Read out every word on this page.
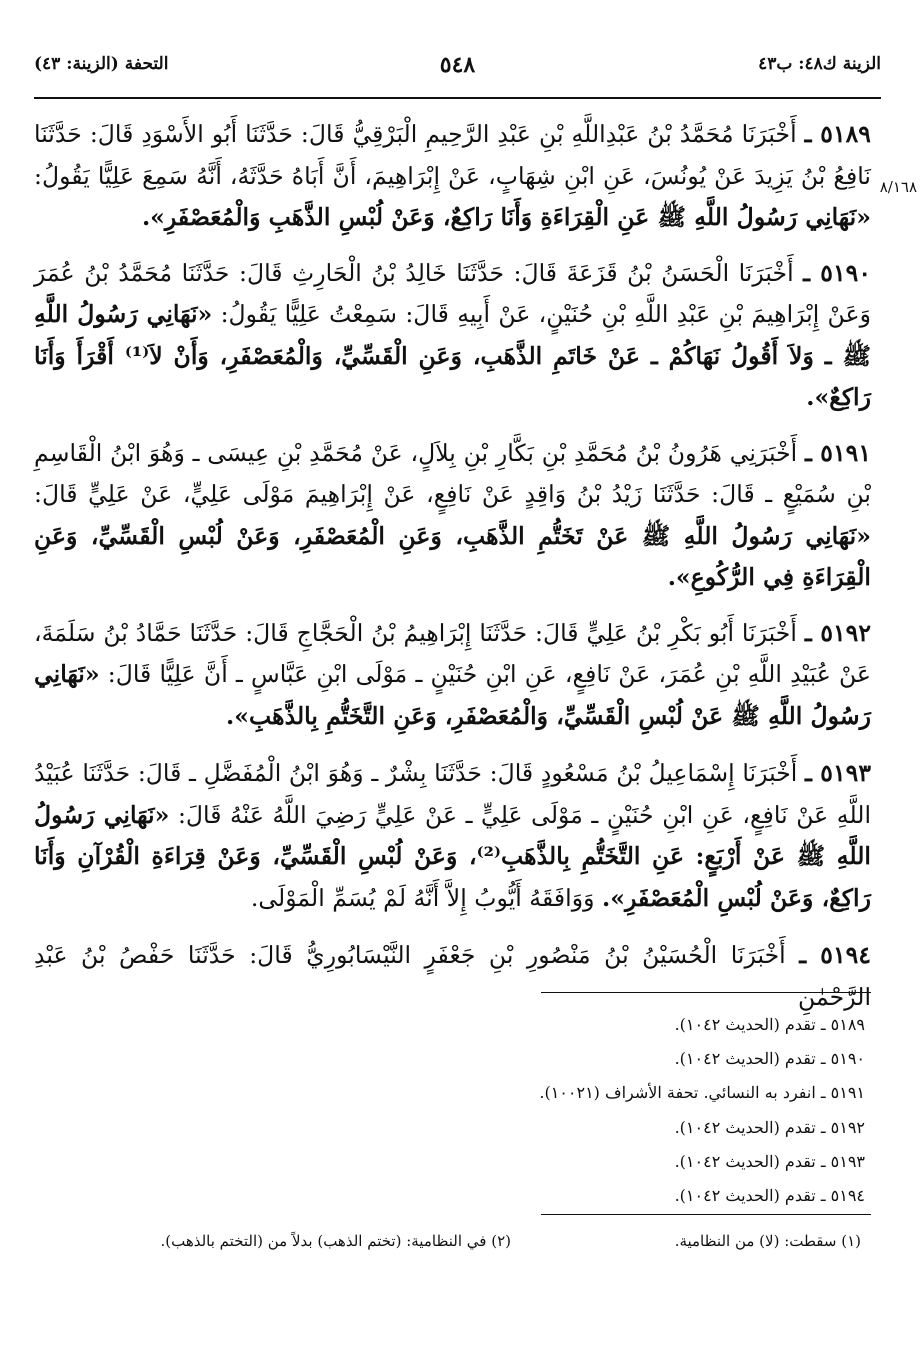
الزينة ك٤٨: ب٤٣
٥٤٨
التحفة (الزينة: ٤٣)
٨/١٦٨

٥١٨٩ ـ أَخْبَرَنَا مُحَمَّدُ بْنُ عَبْدِاللَّهِ بْنِ عَبْدِ الرَّحِيمِ الْبَرْقِيُّ قَالَ: حَدَّثَنَا أَبُو الأَسْوَدِ قَالَ: حَدَّثَنَا نَافِعُ بْنُ يَزِيدَ عَنْ يُونُسَ، عَنِ ابْنِ شِهَابٍ، عَنْ إِبْرَاهِيمَ، أَنَّ أَبَاهُ حَدَّثَهُ، أَنَّهُ سَمِعَ عَلِيًّا يَقُولُ: «نَهَانِي رَسُولُ اللَّهِ ﷺ عَنِ الْقِرَاءَةِ وَأَنَا رَاكِعٌ، وَعَنْ لُبْسِ الذَّهَبِ وَالْمُعَصْفَرِ».

٥١٩٠ ـ أَخْبَرَنَا الْحَسَنُ بْنُ قَزَعَةَ قَالَ: حَدَّثَنَا خَالِدُ بْنُ الْحَارِثِ قَالَ: حَدَّثَنَا مُحَمَّدُ بْنُ عُمَرَ وَعَنْ إِبْرَاهِيمَ بْنِ عَبْدِ اللَّهِ بْنِ حُنَيْنٍ، عَنْ أَبِيهِ قَالَ: سَمِعْتُ عَلِيًّا يَقُولُ: «نَهَانِي رَسُولُ اللَّهِ ﷺ ـ وَلاَ أَقُولُ نَهَاكُمْ ـ عَنْ خَاتَمِ الذَّهَبِ، وَعَنِ الْقَسِّيِّ، وَالْمُعَصْفَرِ، وَأَنْ لاَ⁽¹⁾ أَقْرَأَ وَأَنَا رَاكِعٌ».

٥١٩١ ـ أَخْبَرَنِي هَرُونُ بْنُ مُحَمَّدِ بْنِ بَكَّارِ بْنِ بِلاَلٍ، عَنْ مُحَمَّدِ بْنِ عِيسَى ـ وَهُوَ ابْنُ الْقَاسِمِ بْنِ سُمَيْعٍ ـ قَالَ: حَدَّثَنَا زَيْدُ بْنُ وَاقِدٍ عَنْ نَافِعٍ، عَنْ إِبْرَاهِيمَ مَوْلَى عَلِيٍّ، عَنْ عَلِيٍّ قَالَ: «نَهَانِي رَسُولُ اللَّهِ ﷺ عَنْ تَخَتُّمِ الذَّهَبِ، وَعَنِ الْمُعَصْفَرِ، وَعَنْ لُبْسِ الْقَسِّيِّ، وَعَنِ الْقِرَاءَةِ فِي الرُّكُوعِ».

٥١٩٢ ـ أَخْبَرَنَا أَبُو بَكْرِ بْنُ عَلِيٍّ قَالَ: حَدَّثَنَا إِبْرَاهِيمُ بْنُ الْحَجَّاجِ قَالَ: حَدَّثَنَا حَمَّادُ بْنُ سَلَمَةَ، عَنْ عُبَيْدِ اللَّهِ بْنِ عُمَرَ، عَنْ نَافِعٍ، عَنِ ابْنِ حُنَيْنٍ ـ مَوْلَى ابْنِ عَبَّاسٍ ـ أَنَّ عَلِيًّا قَالَ: «نَهَانِي رَسُولُ اللَّهِ ﷺ عَنْ لُبْسِ الْقَسِّيِّ، وَالْمُعَصْفَرِ، وَعَنِ التَّخَتُّمِ بِالذَّهَبِ».

٥١٩٣ ـ أَخْبَرَنَا إِسْمَاعِيلُ بْنُ مَسْعُودٍ قَالَ: حَدَّثَنَا بِشْرٌ ـ وَهُوَ ابْنُ الْمُفَضَّلِ ـ قَالَ: حَدَّثَنَا عُبَيْدُ اللَّهِ عَنْ نَافِعٍ، عَنِ ابْنِ حُنَيْنٍ ـ مَوْلَى عَلِيٍّ ـ عَنْ عَلِيٍّ رَضِيَ اللَّهُ عَنْهُ قَالَ: «نَهَانِي رَسُولُ اللَّهِ ﷺ عَنْ أَرْبَعٍ: عَنِ التَّخَتُّمِ بِالذَّهَبِ⁽²⁾، وَعَنْ لُبْسِ الْقَسِّيِّ، وَعَنْ قِرَاءَةِ الْقُرْآنِ وَأَنَا رَاكِعٌ، وَعَنْ لُبْسِ الْمُعَصْفَرِ». وَوَافَقَهُ أَيُّوبُ إِلاَّ أَنَّهُ لَمْ يُسَمِّ الْمَوْلَى.

٥١٩٤ ـ أَخْبَرَنَا الْحُسَيْنُ بْنُ مَنْصُورِ بْنِ جَعْفَرٍ النَّيْسَابُورِيُّ قَالَ: حَدَّثَنَا حَفْصُ بْنُ عَبْدِ الرَّحْمٰنِ

٥١٨٩ ـ تقدم (الحديث ١٠٤٢).
٥١٩٠ ـ تقدم (الحديث ١٠٤٢).
٥١٩١ ـ انفرد به النسائي. تحفة الأشراف (١٠٠٢١).
٥١٩٢ ـ تقدم (الحديث ١٠٤٢).
٥١٩٣ ـ تقدم (الحديث ١٠٤٢).
٥١٩٤ ـ تقدم (الحديث ١٠٤٢).
(١) سقطت: (لا) من النظامية.
(٢) في النظامية: (تختم الذهب) بدلاً من (التختم بالذهب).
